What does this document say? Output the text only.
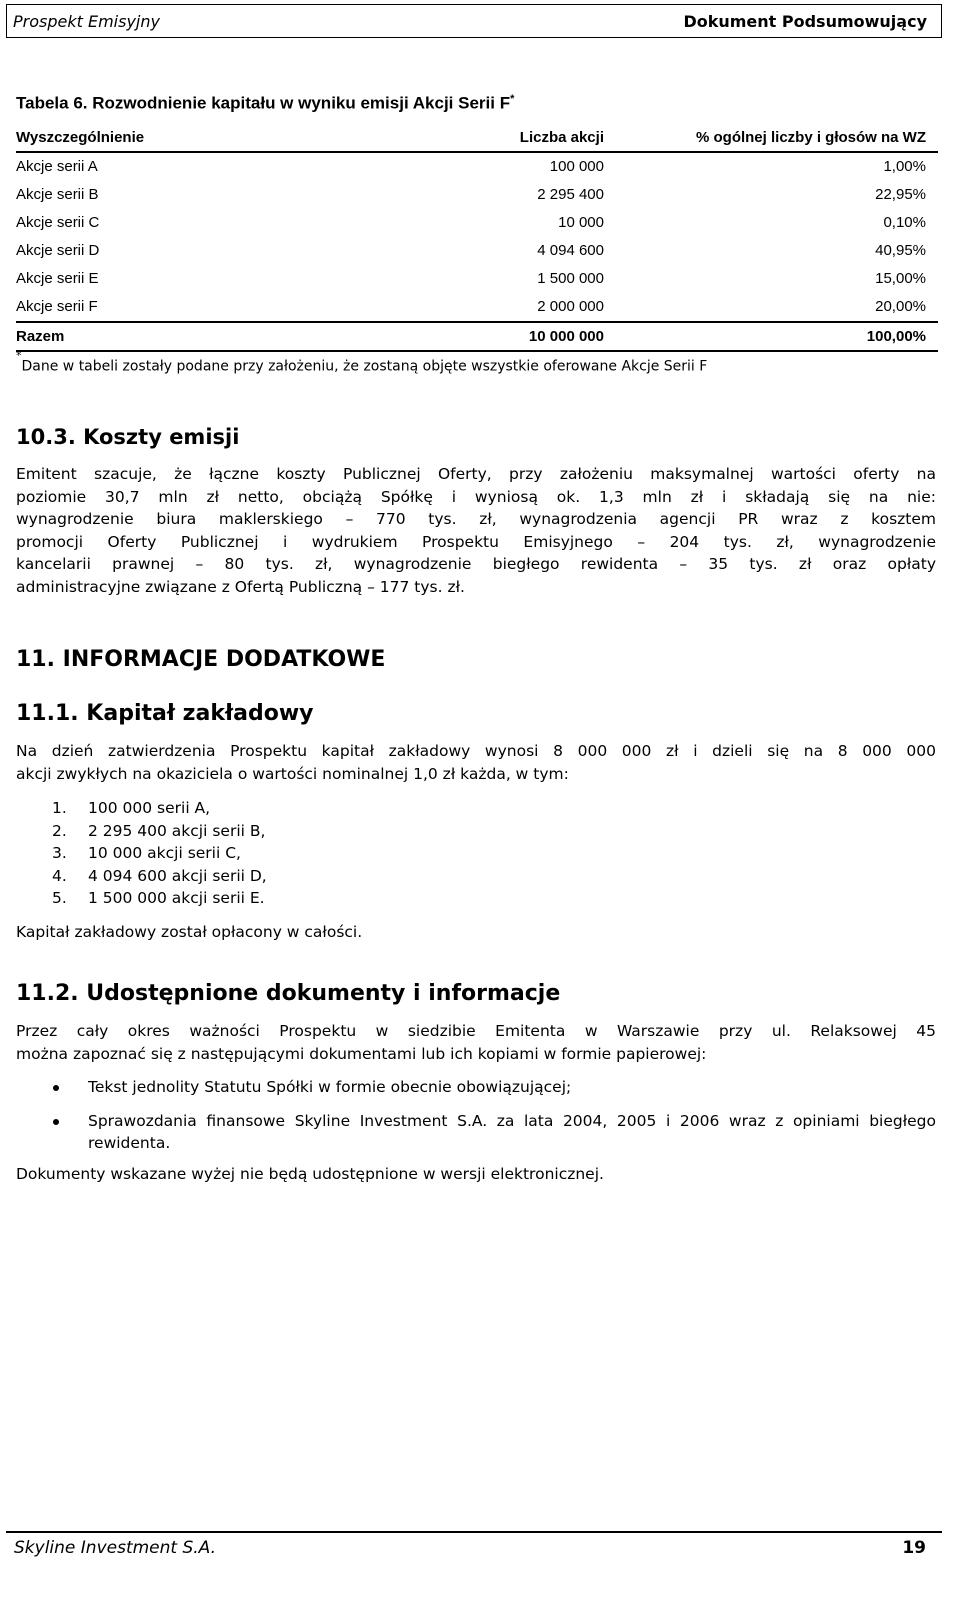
Prospekt Emisyjny	Dokument Podsumowujący
Tabela 6. Rozwodnienie kapitału w wyniku emisji Akcji Serii F*
Wyszczególnienie	Liczba akcji	% ogólnej liczby i głosów na WZ
Akcje serii A	100 000	1,00%
Akcje serii B	2 295 400	22,95%
Akcje serii C	10 000	0,10%
Akcje serii D	4 094 600	40,95%
Akcje serii E	1 500 000	15,00%
Akcje serii F	2 000 000	20,00%
Razem	10 000 000	100,00%
*Dane w tabeli zostały podane przy założeniu, że zostaną objęte wszystkie oferowane Akcje Serii F
10.3. Koszty emisji
Emitent szacuje, że łączne koszty Publicznej Oferty, przy założeniu maksymalnej wartości oferty na
poziomie 30,7 mln zł netto, obciążą Spółkę i wyniosą ok. 1,3 mln zł i składają się na nie:
wynagrodzenie biura maklerskiego – 770 tys. zł, wynagrodzenia agencji PR wraz z kosztem
promocji Oferty Publicznej i wydrukiem Prospektu Emisyjnego – 204 tys. zł, wynagrodzenie
kancelarii prawnej – 80 tys. zł, wynagrodzenie biegłego rewidenta – 35 tys. zł oraz opłaty
administracyjne związane z Ofertą Publiczną – 177 tys. zł.
11. INFORMACJE DODATKOWE
11.1. Kapitał zakładowy
Na dzień zatwierdzenia Prospektu kapitał zakładowy wynosi 8 000 000 zł i dzieli się na 8 000 000
akcji zwykłych na okaziciela o wartości nominalnej 1,0 zł każda, w tym:
1. 100 000 serii A,
2. 2 295 400 akcji serii B,
3. 10 000 akcji serii C,
4. 4 094 600 akcji serii D,
5. 1 500 000 akcji serii E.
Kapitał zakładowy został opłacony w całości.
11.2. Udostępnione dokumenty i informacje
Przez cały okres ważności Prospektu w siedzibie Emitenta w Warszawie przy ul. Relaksowej 45
można zapoznać się z następującymi dokumentami lub ich kopiami w formie papierowej:
Tekst jednolity Statutu Spółki w formie obecnie obowiązującej;
Sprawozdania finansowe Skyline Investment S.A. za lata 2004, 2005 i 2006 wraz z opiniami biegłego rewidenta.
Dokumenty wskazane wyżej nie będą udostępnione w wersji elektronicznej.
Skyline Investment S.A.	19
